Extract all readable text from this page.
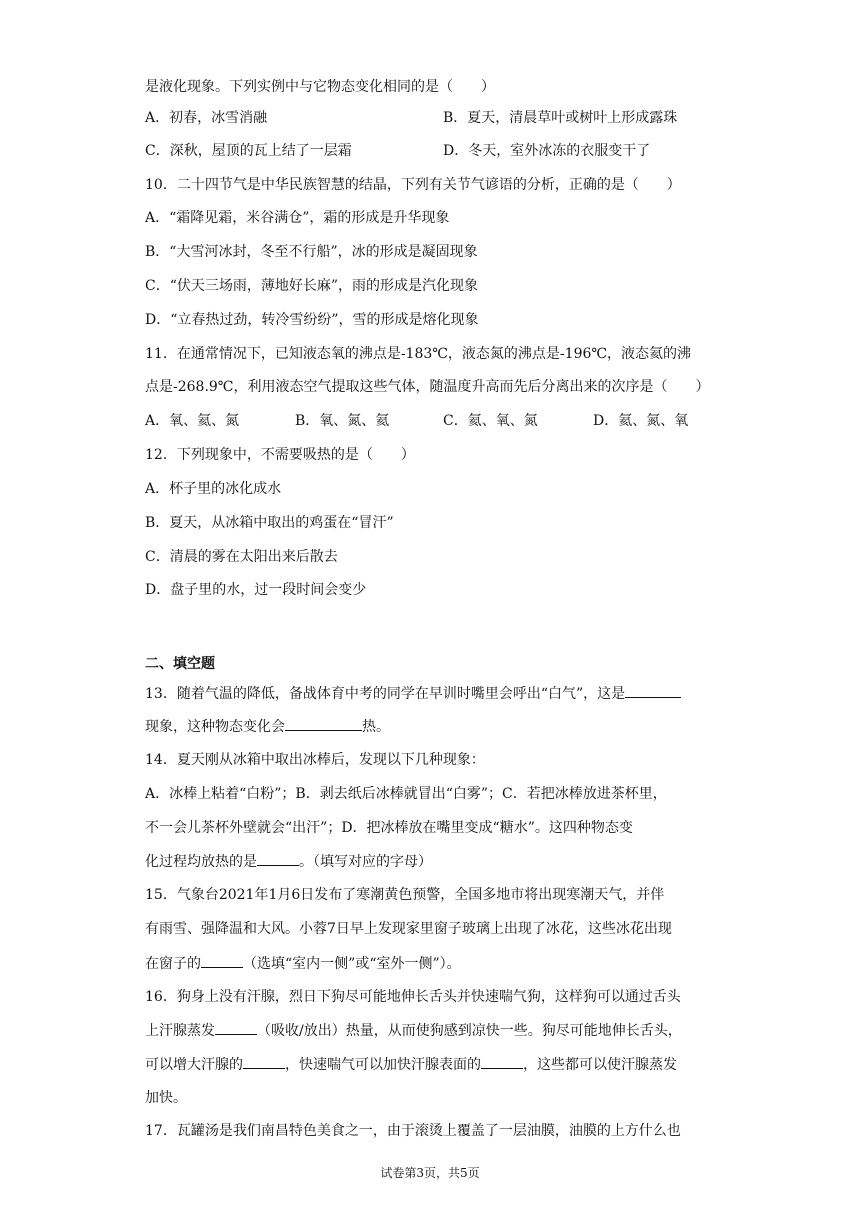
是液化现象。下列实例中与它物态变化相同的是（　　）
A．初春，冰雪消融	B．夏天，清晨草叶或树叶上形成露珠
C．深秋，屋顶的瓦上结了一层霜	D．冬天，室外冰冻的衣服变干了
10．二十四节气是中华民族智慧的结晶，下列有关节气谚语的分析，正确的是（　　）
A．“霜降见霜，米谷满仓”，霜的形成是升华现象
B．“大雪河冰封，冬至不行船”，冰的形成是凝固现象
C．“伏天三场雨，薄地好长麻”，雨的形成是汽化现象
D．“立春热过劲，转冷雪纷纷”，雪的形成是熔化现象
11．在通常情况下，已知液态氧的沸点是-183℃，液态氮的沸点是-196℃，液态氦的沸
点是-268.9℃，利用液态空气提取这些气体，随温度升高而先后分离出来的次序是（　　）
A．氧、氦、氮	B．氧、氮、氦	C．氦、氧、氮	D．氦、氮、氧
12．下列现象中，不需要吸热的是（　　）
A．杯子里的冰化成水
B．夏天，从冰箱中取出的鸡蛋在“冒汗”
C．清晨的雾在太阳出来后散去
D．盘子里的水，过一段时间会变少
二、填空题
13．随着气温的降低，备战体育中考的同学在早训时嘴里会呼出“白气”，这是
现象，这种物态变化会	热。
14．夏天刚从冰箱中取出冰棒后，发现以下几种现象：
A．冰棒上粘着“白粉”；B．剥去纸后冰棒就冒出“白雾”；C．若把冰棒放进茶杯里，
不一会儿茶杯外壁就会“出汗”；D．把冰棒放在嘴里变成“糖水”。这四种物态变
化过程均放热的是	。（填写对应的字母）
15．气象台2021年1月6日发布了寒潮黄色预警，全国多地市将出现寒潮天气，并伴
有雨雪、强降温和大风。小蓉7日早上发现家里窗子玻璃上出现了冰花，这些冰花出现
在窗子的	（选填“室内一侧”或“室外一侧”）。
16．狗身上没有汗腺，烈日下狗尽可能地伸长舌头并快速喘气狗，这样狗可以通过舌头
上汗腺蒸发	（吸收/放出）热量，从而使狗感到凉快一些。狗尽可能地伸长舌头，
可以增大汗腺的	，快速喘气可以加快汗腺表面的	，这些都可以使汗腺蒸发
加快。
17．瓦罐汤是我们南昌特色美食之一，由于滚烫上覆盖了一层油膜，油膜的上方什么也
试卷第3页，共5页
